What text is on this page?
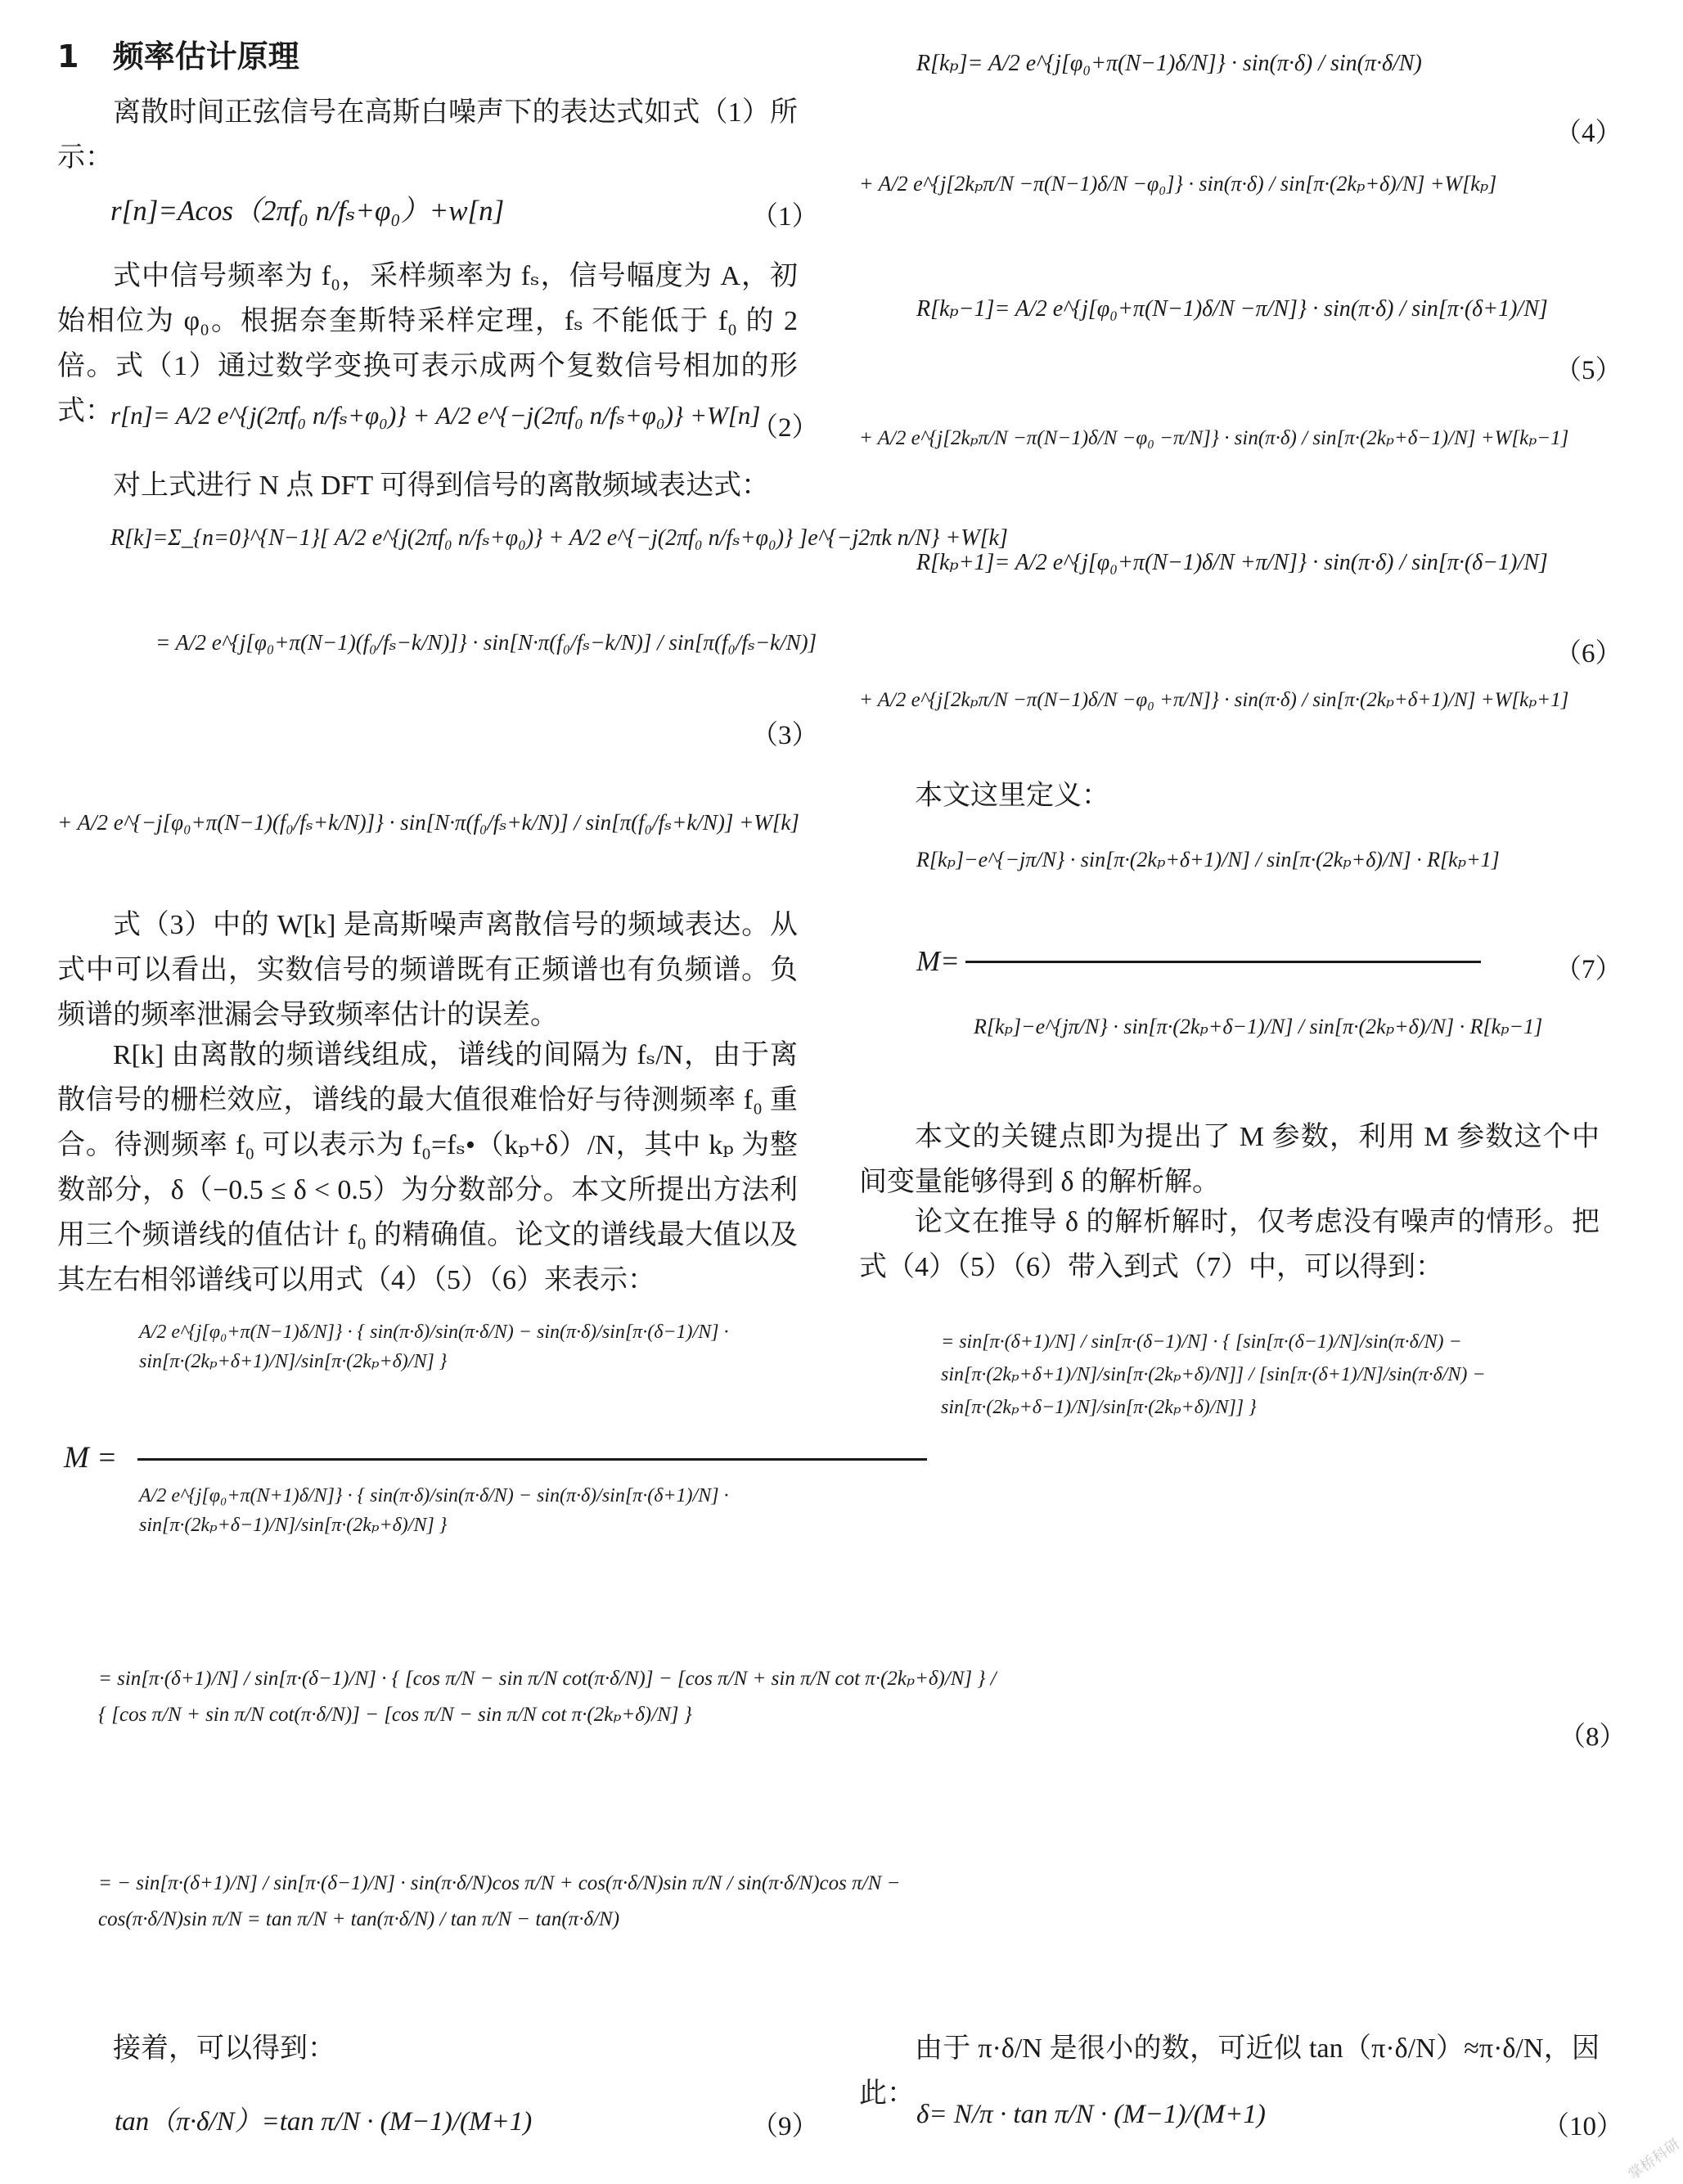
1 频率估计原理
离散时间正弦信号在高斯白噪声下的表达式如式（1）所示：
r[n]=Acos（2πf₀ n/fₛ+φ₀）+w[n]	（1）
式中信号频率为 f₀，采样频率为 fₛ，信号幅度为 A，初始相位为 φ₀。根据奈奎斯特采样定理，fₛ 不能低于 f₀ 的 2 倍。式（1）通过数学变换可表示成两个复数信号相加的形式：
r[n]= A/2 e^{j(2πf₀ n/fₛ+φ₀)} + A/2 e^{−j(2πf₀ n/fₛ+φ₀)} +W[n]
（2）
对上式进行 N 点 DFT 可得到信号的离散频域表达式：
R[k]=Σ_{n=0}^{N−1}[ A/2 e^{j(2πf₀ n/fₛ+φ₀)} + A/2 e^{−j(2πf₀ n/fₛ+φ₀)} ]e^{−j2πk n/N} +W[k]
= A/2 e^{j[φ₀+π(N−1)(f₀/fₛ−k/N)]} · sin[N·π(f₀/fₛ−k/N)] / sin[π(f₀/fₛ−k/N)]
（3）
+ A/2 e^{−j[φ₀+π(N−1)(f₀/fₛ+k/N)]} · sin[N·π(f₀/fₛ+k/N)] / sin[π(f₀/fₛ+k/N)] +W[k]
式（3）中的 W[k] 是高斯噪声离散信号的频域表达。从式中可以看出，实数信号的频谱既有正频谱也有负频谱。负频谱的频率泄漏会导致频率估计的误差。
R[k] 由离散的频谱线组成，谱线的间隔为 fₛ/N，由于离散信号的栅栏效应，谱线的最大值很难恰好与待测频率 f₀ 重合。待测频率 f₀ 可以表示为 f₀=fₛ•（kₚ+δ）/N，其中 kₚ 为整数部分，δ（−0.5 ≤ δ < 0.5）为分数部分。本文所提出方法利用三个频谱线的值估计 f₀ 的精确值。论文的谱线最大值以及其左右相邻谱线可以用式（4）（5）（6）来表示：
R[kₚ]= A/2 e^{j[φ₀+π(N−1)δ/N]} · sin(π·δ) / sin(π·δ/N)
（4）
+ A/2 e^{j[2kₚπ/N −π(N−1)δ/N −φ₀]} · sin(π·δ) / sin[π·(2kₚ+δ)/N] +W[kₚ]
R[kₚ−1]= A/2 e^{j[φ₀+π(N−1)δ/N −π/N]} · sin(π·δ) / sin[π·(δ+1)/N]
（5）
+ A/2 e^{j[2kₚπ/N −π(N−1)δ/N −φ₀ −π/N]} · sin(π·δ) / sin[π·(2kₚ+δ−1)/N] +W[kₚ−1]
R[kₚ+1]= A/2 e^{j[φ₀+π(N−1)δ/N +π/N]} · sin(π·δ) / sin[π·(δ−1)/N]
（6）
+ A/2 e^{j[2kₚπ/N −π(N−1)δ/N −φ₀ +π/N]} · sin(π·δ) / sin[π·(2kₚ+δ+1)/N] +W[kₚ+1]
本文这里定义：
R[kₚ]−e^{−jπ/N} · sin[π·(2kₚ+δ+1)/N] / sin[π·(2kₚ+δ)/N] · R[kₚ+1]
M=	（7）
R[kₚ]−e^{jπ/N} · sin[π·(2kₚ+δ−1)/N] / sin[π·(2kₚ+δ)/N] · R[kₚ−1]
本文的关键点即为提出了 M 参数，利用 M 参数这个中间变量能够得到 δ 的解析解。
论文在推导 δ 的解析解时，仅考虑没有噪声的情形。把式（4）（5）（6）带入到式（7）中，可以得到：
M =
A/2 e^{j[φ₀+π(N−1)δ/N]} · { sin(π·δ)/sin(π·δ/N) − sin(π·δ)/sin[π·(δ−1)/N] · sin[π·(2kₚ+δ+1)/N]/sin[π·(2kₚ+δ)/N] }
A/2 e^{j[φ₀+π(N+1)δ/N]} · { sin(π·δ)/sin(π·δ/N) − sin(π·δ)/sin[π·(δ+1)/N] · sin[π·(2kₚ+δ−1)/N]/sin[π·(2kₚ+δ)/N] }
= sin[π·(δ+1)/N] / sin[π·(δ−1)/N] · { [sin[π·(δ−1)/N]/sin(π·δ/N) − sin[π·(2kₚ+δ+1)/N]/sin[π·(2kₚ+δ)/N]] / [sin[π·(δ+1)/N]/sin(π·δ/N) − sin[π·(2kₚ+δ−1)/N]/sin[π·(2kₚ+δ)/N]] }
= sin[π·(δ+1)/N] / sin[π·(δ−1)/N] · { [cos π/N − sin π/N cot(π·δ/N)] − [cos π/N + sin π/N cot π·(2kₚ+δ)/N] } / { [cos π/N + sin π/N cot(π·δ/N)] − [cos π/N − sin π/N cot π·(2kₚ+δ)/N] }
（8）
= − sin[π·(δ+1)/N] / sin[π·(δ−1)/N] · sin(π·δ/N)cos π/N + cos(π·δ/N)sin π/N / sin(π·δ/N)cos π/N − cos(π·δ/N)sin π/N = tan π/N + tan(π·δ/N) / tan π/N − tan(π·δ/N)
接着，可以得到：
tan（π·δ/N）=tan π/N · (M−1)/(M+1)	（9）
由于 π·δ/N 是很小的数，可近似 tan（π·δ/N）≈π·δ/N，因此：
δ= N/π · tan π/N · (M−1)/(M+1)	（10）
掌桥科研
